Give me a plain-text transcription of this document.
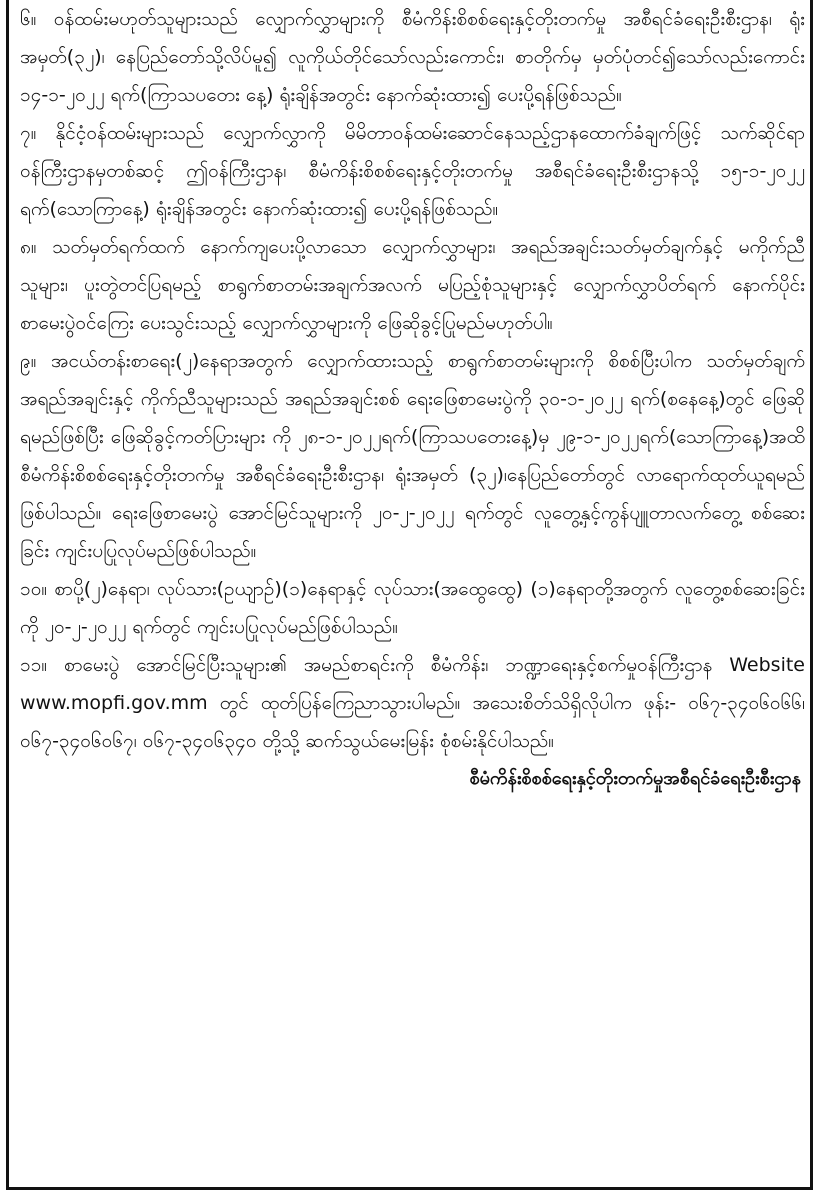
၆။ ဝန်ထမ်းမဟုတ်သူများသည် လျှောက်လွှာများကို စီမံကိန်းစိစစ်ရေးနှင့်တိုးတက်မှု အစီရင်ခံရေးဦးစီးဌာန၊ ရုံးအမှတ်(၃၂)၊ နေပြည်တော်သို့လိပ်မူ၍ လူကိုယ်တိုင်သော်လည်းကောင်း၊ စာတိုက်မှ မှတ်ပုံတင်၍သော်လည်းကောင်း ၁၄-၁-၂၀၂၂ ရက်(ကြာသပတေး နေ့) ရုံးချိန်အတွင်း နောက်ဆုံးထား၍ ပေးပို့ရန်ဖြစ်သည်။

၇။ နိုင်ငံ့ဝန်ထမ်းများသည် လျှောက်လွှာကို မိမိတာဝန်ထမ်းဆောင်နေသည့်ဌာနထောက်ခံချက်ဖြင့် သက်ဆိုင်ရာဝန်ကြီးဌာနမှတစ်ဆင့် ဤဝန်ကြီးဌာန၊ စီမံကိန်းစိစစ်ရေးနှင့်တိုးတက်မှု အစီရင်ခံရေးဦးစီးဌာနသို့ ၁၅-၁-၂၀၂၂ ရက်(သောကြာနေ့) ရုံးချိန်အတွင်း နောက်ဆုံးထား၍ ပေးပို့ရန်ဖြစ်သည်။

၈။ သတ်မှတ်ရက်ထက် နောက်ကျပေးပို့လာသော လျှောက်လွှာများ၊ အရည်အချင်းသတ်မှတ်ချက်နှင့် မကိုက်ညီသူများ၊ ပူးတွဲတင်ပြရမည့် စာရွက်စာတမ်းအချက်အလက် မပြည့်စုံသူများနှင့် လျှောက်လွှာပိတ်ရက် နောက်ပိုင်း စာမေးပွဲဝင်ကြေး ပေးသွင်းသည့် လျှောက်လွှာများကို ဖြေဆိုခွင့်ပြုမည်မဟုတ်ပါ။

၉။ အငယ်တန်းစာရေး(၂)နေရာအတွက် လျှောက်ထားသည့် စာရွက်စာတမ်းများကို စိစစ်ပြီးပါက သတ်မှတ်ချက်အရည်အချင်းနှင့် ကိုက်ညီသူများသည် အရည်အချင်းစစ် ရေးဖြေစာမေးပွဲကို ၃၀-၁-၂၀၂၂ ရက်(စနေနေ့)တွင် ဖြေဆိုရမည်ဖြစ်ပြီး ဖြေဆိုခွင့်ကတ်ပြားများ ကို ၂၈-၁-၂၀၂၂ရက်(ကြာသပတေးနေ့)မှ ၂၉-၁-၂၀၂၂ရက်(သောကြာနေ့)အထိ စီမံကိန်းစိစစ်ရေးနှင့်တိုးတက်မှု အစီရင်ခံရေးဦးစီးဌာန၊ ရုံးအမှတ် (၃၂)၊နေပြည်တော်တွင် လာရောက်ထုတ်ယူရမည်ဖြစ်ပါသည်။ ရေးဖြေစာမေးပွဲ အောင်မြင်သူများကို ၂၀-၂-၂၀၂၂ ရက်တွင် လူတွေ့နှင့်ကွန်ပျူတာလက်တွေ့ စစ်ဆေးခြင်း ကျင်းပပြုလုပ်မည်ဖြစ်ပါသည်။

၁၀။ စာပို့(၂)နေရာ၊ လုပ်သား(ဥယျာဉ်)(၁)နေရာနှင့် လုပ်သား(အထွေထွေ) (၁)နေရာတို့အတွက် လူတွေ့စစ်ဆေးခြင်းကို ၂၀-၂-၂၀၂၂ ရက်တွင် ကျင်းပပြုလုပ်မည်ဖြစ်ပါသည်။

၁၁။ စာမေးပွဲ အောင်မြင်ပြီးသူများ၏ အမည်စာရင်းကို စီမံကိန်း၊ ဘဏ္ဍာရေးနှင့်စက်မှုဝန်ကြီးဌာန Website www.mopfi.gov.mm တွင် ထုတ်ပြန်ကြေညာသွားပါမည်။ အသေးစိတ်သိရှိလိုပါက ဖုန်း- ၀၆၇-၃၄၀၆၀၆၆၊ ၀၆၇-၃၄၀၆၀၆၇၊ ၀၆၇-၃၄၀၆၃၄၀ တို့သို့ ဆက်သွယ်မေးမြန်း စုံစမ်းနိုင်ပါသည်။

စီမံကိန်းစိစစ်ရေးနှင့်တိုးတက်မှုအစီရင်ခံရေးဦးစီးဌာန
